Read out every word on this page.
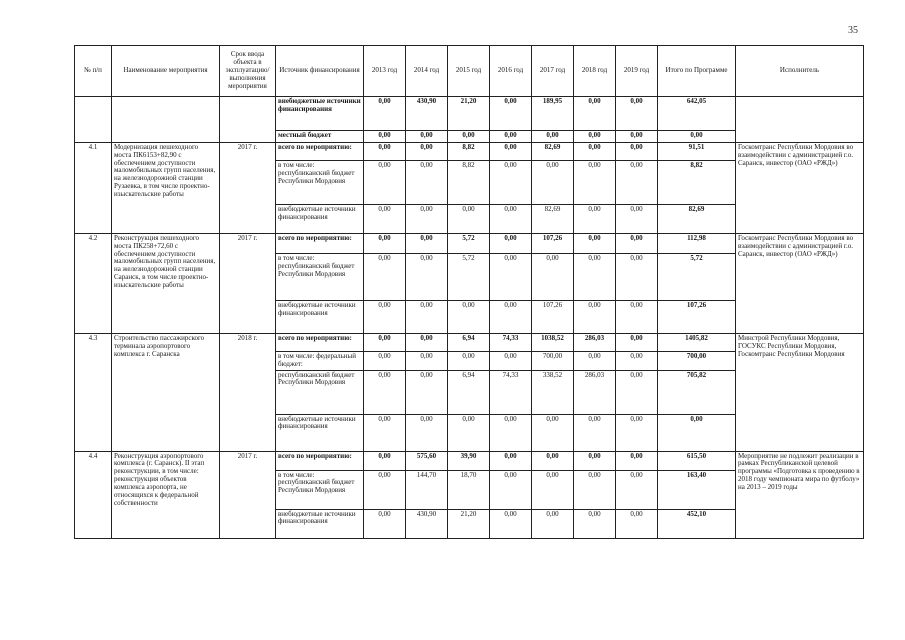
35
№ п/п	Наименование мероприятия	Срок ввода объекта в эксплуатацию/ выполнения мероприятия	Источник финансирования	2013 год	2014 год	2015 год	2016 год	2017 год	2018 год	2019 год	Итого по Программе	Исполнитель
			внебюджетные источники финансирования	0,00	430,90	21,20	0,00	189,95	0,00	0,00	642,05	
			местный бюджет	0,00	0,00	0,00	0,00	0,00	0,00	0,00	0,00	
4.1	Модернизация пешеходного моста ПК6153+82,90 с обеспечением доступности маломобильных групп населения, на железнодорожной станции Рузаевка, в том числе проектно-изыскательские работы	2017 г.	всего по мероприятию:	0,00	0,00	8,82	0,00	82,69	0,00	0,00	91,51	Госкомтранс Республики Мордовия во взаимодействии с администрацией г.о. Саранск, инвестор (ОАО «РЖД»)
			в том числе: республиканский бюджет Республики Мордовия	0,00	0,00	8,82	0,00	0,00	0,00	0,00	8,82	
			внебюджетные источники финансирования	0,00	0,00	0,00	0,00	82,69	0,00	0,00	82,69	
4.2	Реконструкция пешеходного моста ПК258+72,60 с обеспечением доступности маломобильных групп населения, на железнодорожной станции Саранск, в том числе проектно-изыскательские работы	2017 г.	всего по мероприятию:	0,00	0,00	5,72	0,00	107,26	0,00	0,00	112,98	Госкомтранс Республики Мордовия во взаимодействии с администрацией г.о. Саранск, инвестор (ОАО «РЖД»)
			в том числе: республиканский бюджет Республики Мордовия	0,00	0,00	5,72	0,00	0,00	0,00	0,00	5,72	
			внебюджетные источники финансирования	0,00	0,00	0,00	0,00	107,26	0,00	0,00	107,26	
4.3	Строительство пассажирского терминала аэропортового комплекса г. Саранска	2018 г.	всего по мероприятию:	0,00	0,00	6,94	74,33	1038,52	286,03	0,00	1405,82	Минстрой Республики Мордовия, ГОСУКС Республики Мордовия, Госкомтранс Республики Мордовия
			в том числе: федеральный бюджет:	0,00	0,00	0,00	0,00	700,00	0,00	0,00	700,00	
			республиканский бюджет Республики Мордовия	0,00	0,00	6,94	74,33	338,52	286,03	0,00	705,82	
			внебюджетные источники финансирования	0,00	0,00	0,00	0,00	0,00	0,00	0,00	0,00	
4.4	Реконструкция аэропортового комплекса (г. Саранск). II этап реконструкции, в том числе: реконструкция объектов комплекса аэропорта, не относящихся к федеральной собственности	2017 г.	всего по мероприятию:	0,00	575,60	39,90	0,00	0,00	0,00	0,00	615,50	Мероприятие не подлежит реализации в рамках Республиканской целевой программы «Подготовка к проведению в 2018 году чемпионата мира по футболу» на 2013 – 2019 годы
			в том числе: республиканский бюджет Республики Мордовия	0,00	144,70	18,70	0,00	0,00	0,00	0,00	163,40	
			внебюджетные источники финансирования	0,00	430,90	21,20	0,00	0,00	0,00	0,00	452,10	
